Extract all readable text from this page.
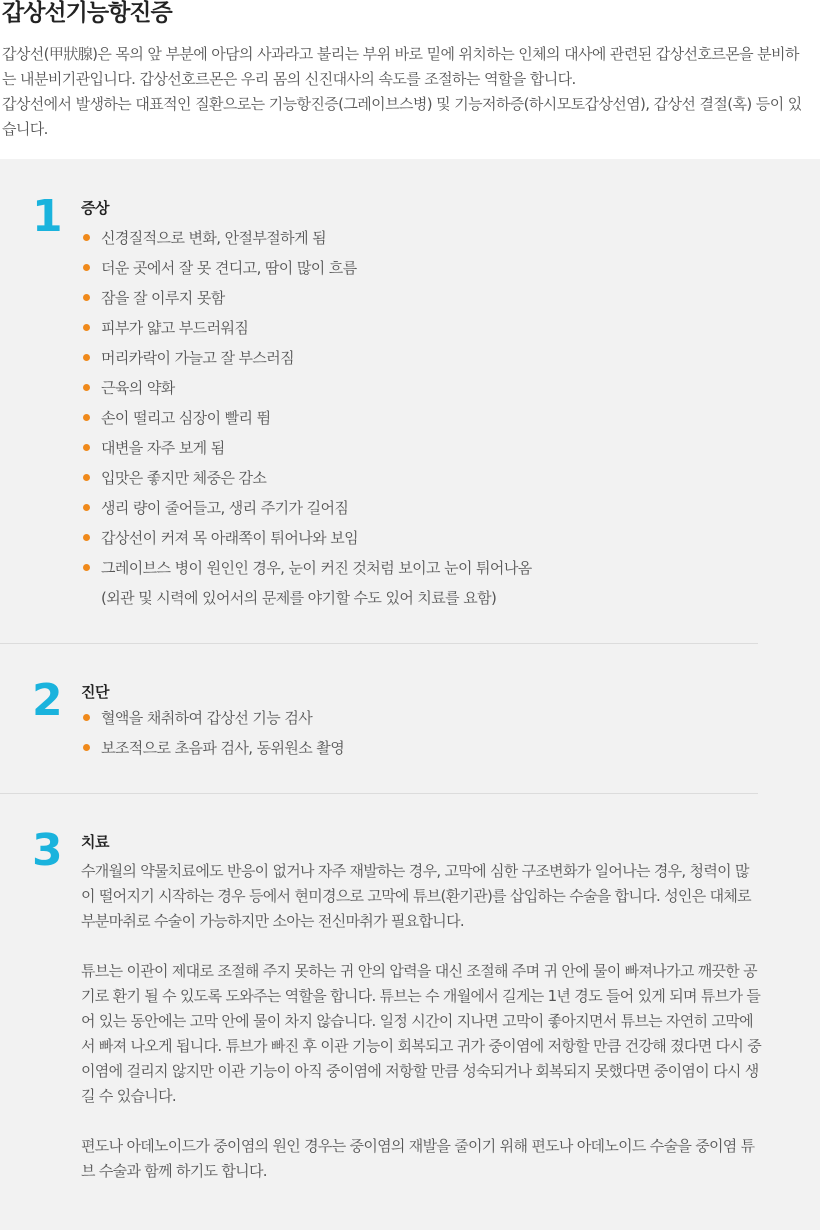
갑상선기능항진증

갑상선(甲狀腺)은 목의 앞 부분에 아담의 사과라고 불리는 부위 바로 밑에 위치하는 인체의 대사에 관련된 갑상선호르몬을 분비하는 내분비기관입니다. 갑상선호르몬은 우리 몸의 신진대사의 속도를 조절하는 역할을 합니다.

갑상선에서 발생하는 대표적인 질환으로는 기능항진증(그레이브스병) 및 기능저하증(하시모토갑상선염), 갑상선 결절(혹) 등이 있습니다.

1 증상
신경질적으로 변화, 안절부절하게 됨
더운 곳에서 잘 못 견디고, 땀이 많이 흐름
잠을 잘 이루지 못함
피부가 얇고 부드러워짐
머리카락이 가늘고 잘 부스러짐
근육의 약화
손이 떨리고 심장이 빨리 뜀
대변을 자주 보게 됨
입맛은 좋지만 체중은 감소
생리 량이 줄어들고, 생리 주기가 길어짐
갑상선이 커져 목 아래쪽이 튀어나와 보임
그레이브스 병이 원인인 경우, 눈이 커진 것처럼 보이고 눈이 튀어나옴
(외관 및 시력에 있어서의 문제를 야기할 수도 있어 치료를 요함)
2 진단
혈액을 채취하여 갑상선 기능 검사
보조적으로 초음파 검사, 동위원소 촬영
3 치료

수개월의 약물치료에도 반응이 없거나 자주 재발하는 경우, 고막에 심한 구조변화가 일어나는 경우, 청력이 많이 떨어지기 시작하는 경우 등에서 현미경으로 고막에 튜브(환기관)를 삽입하는 수술을 합니다. 성인은 대체로 부분마취로 수술이 가능하지만 소아는 전신마취가 필요합니다.

튜브는 이관이 제대로 조절해 주지 못하는 귀 안의 압력을 대신 조절해 주며 귀 안에 물이 빠져나가고 깨끗한 공기로 환기 될 수 있도록 도와주는 역할을 합니다. 튜브는 수 개월에서 길게는 1년 경도 들어 있게 되며 튜브가 들어 있는 동안에는 고막 안에 물이 차지 않습니다. 일정 시간이 지나면 고막이 좋아지면서 튜브는 자연히 고막에서 빠져 나오게 됩니다. 튜브가 빠진 후 이관 기능이 회복되고 귀가 중이염에 저항할 만큼 건강해 졌다면 다시 중이염에 걸리지 않지만 이관 기능이 아직 중이염에 저항할 만큼 성숙되거나 회복되지 못했다면 중이염이 다시 생길 수 있습니다.

편도나 아데노이드가 중이염의 원인 경우는 중이염의 재발을 줄이기 위해 편도나 아데노이드 수술을 중이염 튜브 수술과 함께 하기도 합니다.
